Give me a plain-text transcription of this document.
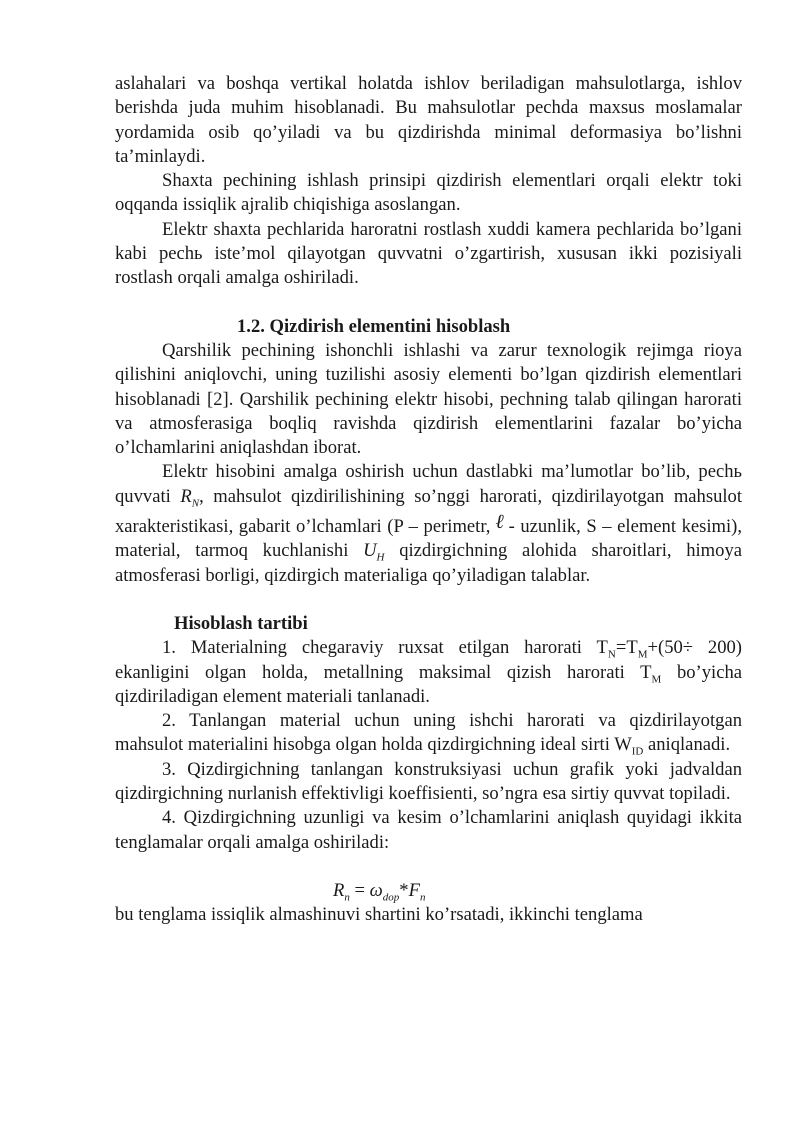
aslahalari va boshqa vertikal holatda ishlov beriladigan mahsulotlarga, ishlov berishda juda muhim hisoblanadi. Bu mahsulotlar pechda maxsus moslamalar yordamida osib qo’yiladi va bu qizdirishda minimal deformasiya bo’lishni ta’minlaydi.

Shaxta pechining ishlash prinsipi qizdirish elementlari orqali elektr toki oqqanda issiqlik ajralib chiqishiga asoslangan.

Elektr shaxta pechlarida haroratni rostlash xuddi kamera pechlarida bo’lgani kabi pechь iste’mol qilayotgan quvvatni o’zgartirish, xususan ikki pozisiyali rostlash orqali amalga oshiriladi.

1.2. Qizdirish elementini hisoblash

Qarshilik pechining ishonchli ishlashi va zarur texnologik rejimga rioya qilishini aniqlovchi, uning tuzilishi asosiy elementi bo’lgan qizdirish elementlari hisoblanadi [2]. Qarshilik pechining elektr hisobi, pechning talab qilingan harorati va atmosferasiga boqliq ravishda qizdirish elementlarini fazalar bo’yicha o’lchamlarini aniqlashdan iborat.

Elektr hisobini amalga oshirish uchun dastlabki ma’lumotlar bo’lib, pechь quvvati $R_N$, mahsulot qizdirilishining so’nggi harorati, qizdirilayotgan mahsulot xarakteristikasi, gabarit o’lchamlari (P – perimetr, ℓ - uzunlik, S – element kesimi), material, tarmoq kuchlanishi $U_H$ qizdirgichning alohida sharoitlari, himoya atmosferasi borligi, qizdirgich materialiga qo’yiladigan talablar.

Hisoblash tartibi

1. Materialning chegaraviy ruxsat etilgan harorati $T_N=T_M+(50\div 200)$ ekanligini olgan holda, metallning maksimal qizish harorati $T_M$ bo’yicha qizdiriladigan element materiali tanlanadi.

2. Tanlangan material uchun uning ishchi harorati va qizdirilayotgan mahsulot materialini hisobga olgan holda qizdirgichning ideal sirti $W_{ID}$ aniqlanadi.

3. Qizdirgichning tanlangan konstruksiyasi uchun grafik yoki jadvaldan qizdirgichning nurlanish effektivligi koeffisienti, so’ngra esa sirtiy quvvat topiladi.

4. Qizdirgichning uzunligi va kesim o’lchamlarini aniqlash quyidagi ikkita tenglamalar orqali amalga oshiriladi:

$R_n = \omega_{dop}*F_n$

bu tenglama issiqlik almashinuvi shartini ko’rsatadi, ikkinchi tenglama
